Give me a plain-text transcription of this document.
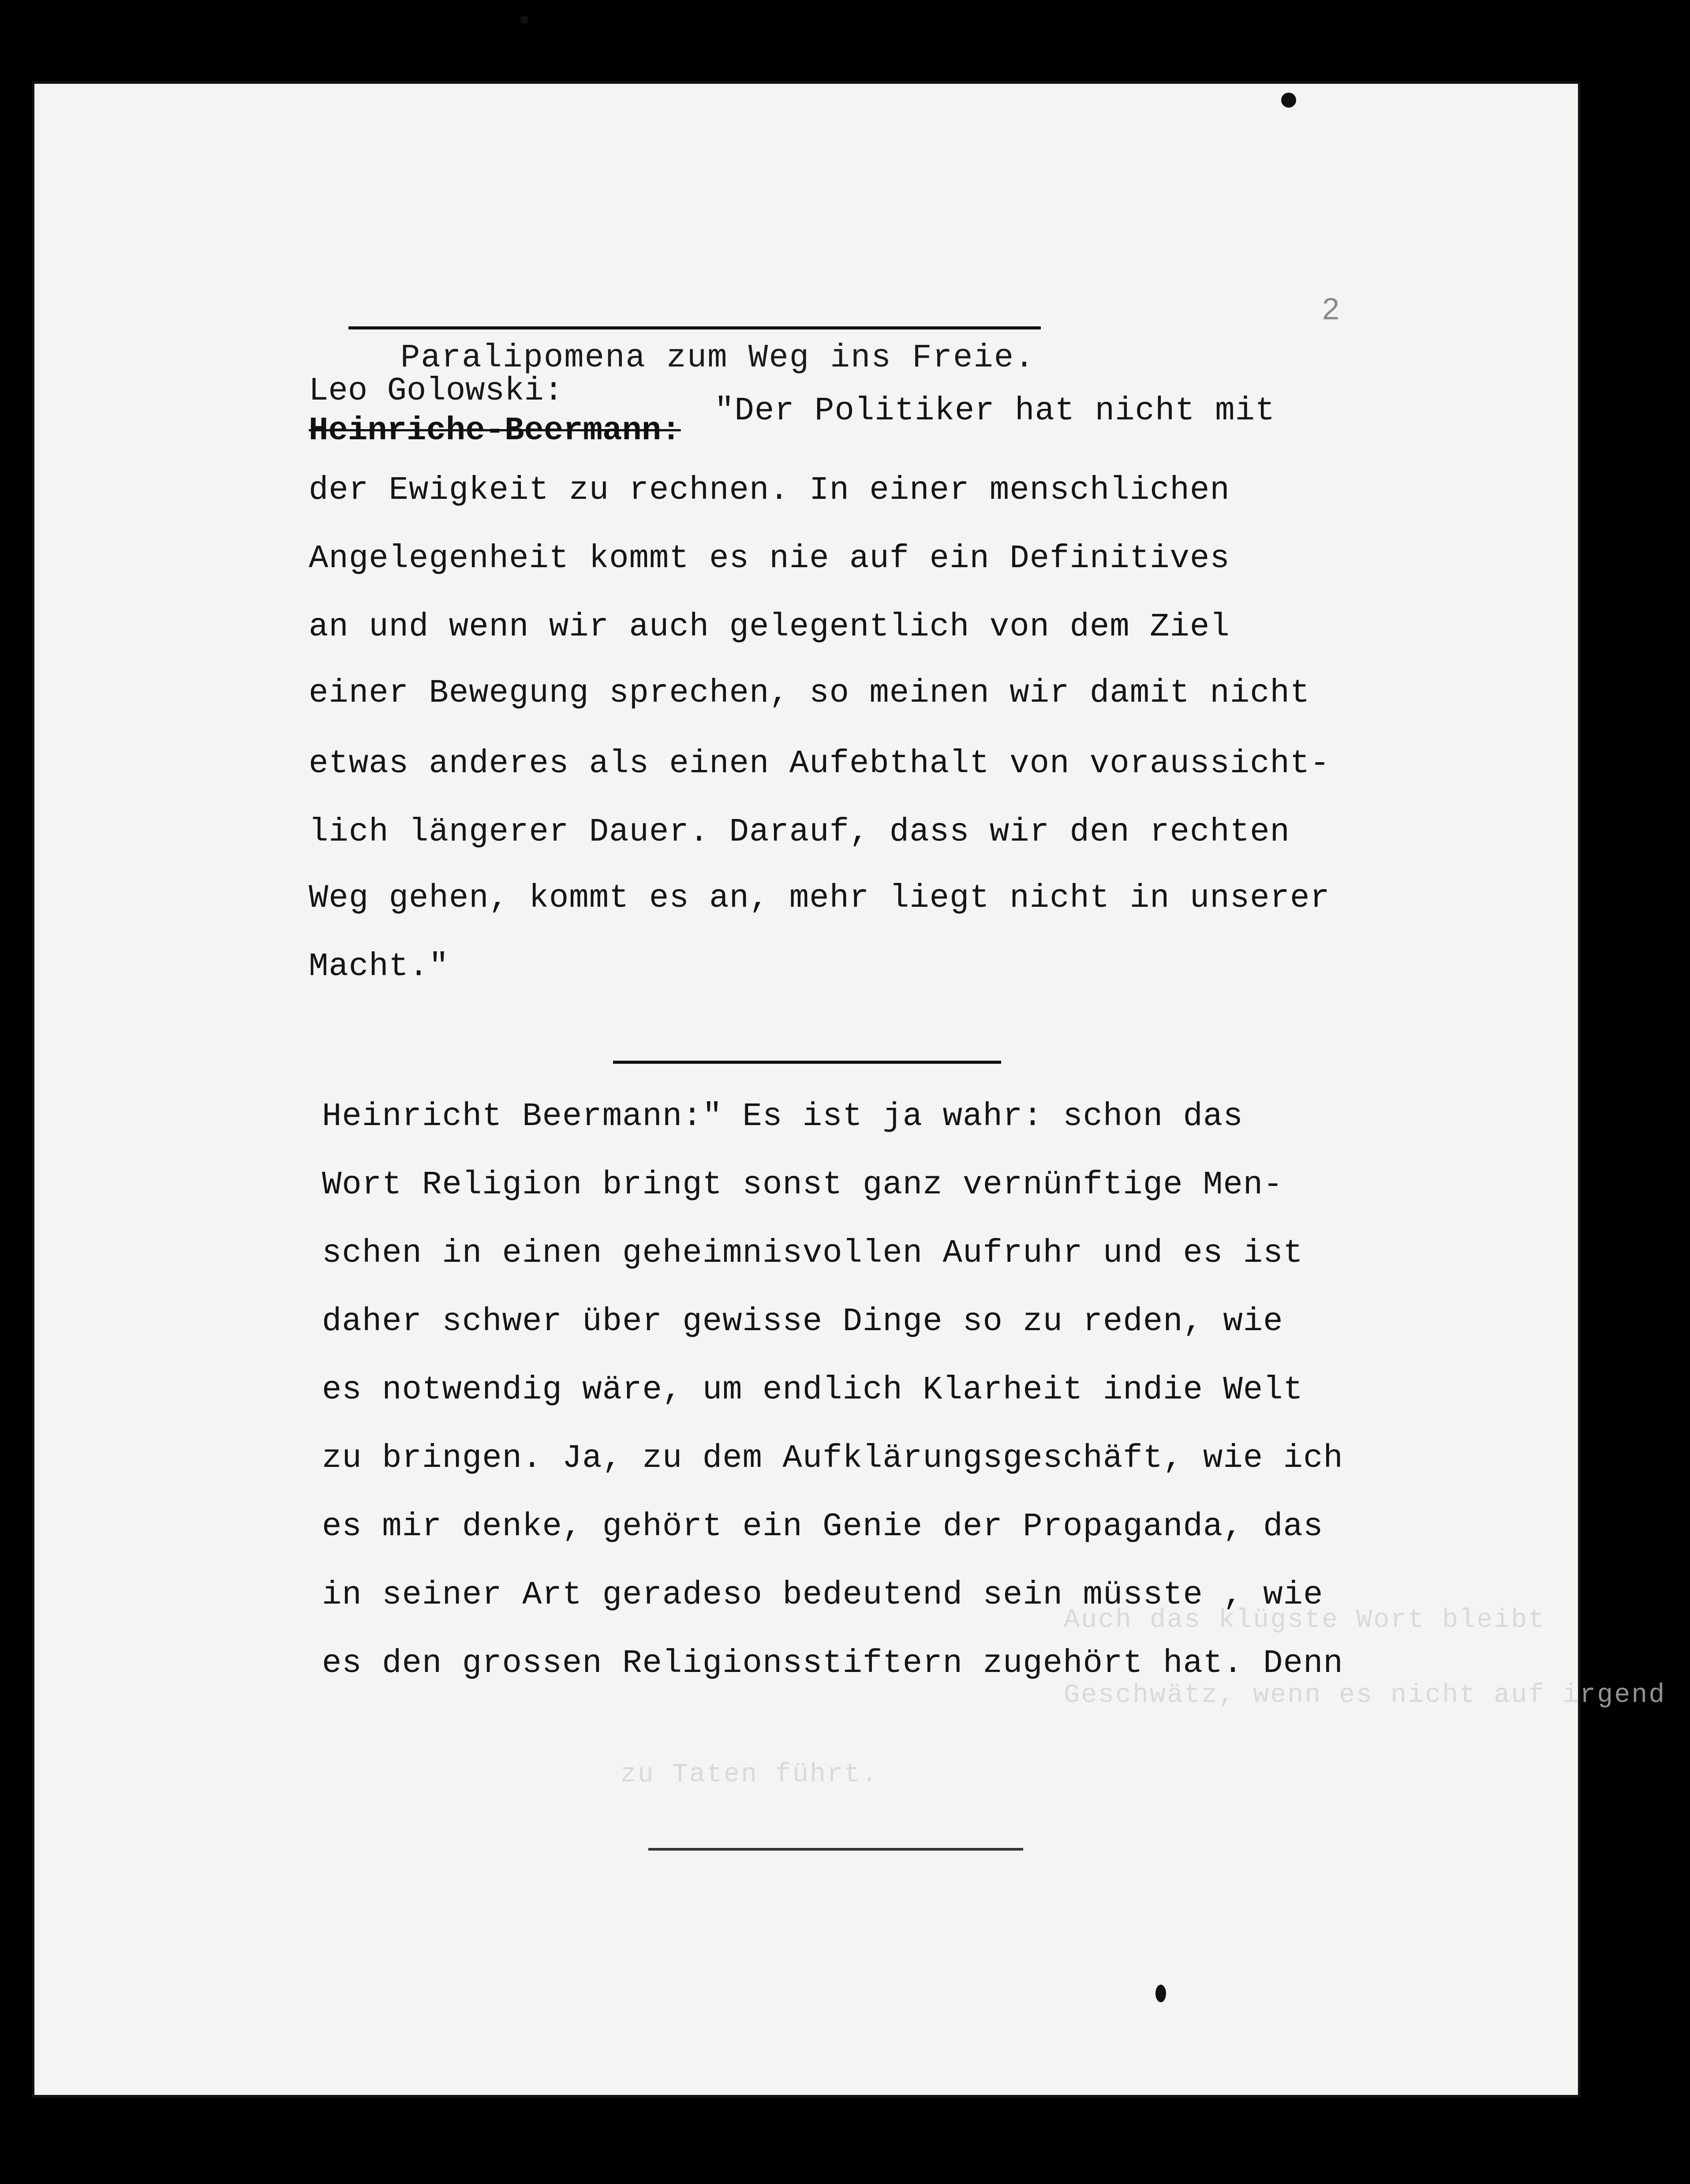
2
Paralipomena zum Weg ins Freie.
Leo Golowski:
Heinriche-Beermann:
"Der Politiker hat nicht mit
der Ewigkeit zu rechnen. In einer menschlichen
Angelegenheit kommt es nie auf ein Definitives
an und wenn wir auch gelegentlich von dem Ziel
einer Bewegung sprechen, so meinen wir damit nicht
etwas anderes als einen Aufebthalt von voraussicht-
lich längerer Dauer. Darauf, dass wir den rechten
Weg gehen, kommt es an, mehr liegt nicht in unserer
Macht."
Heinricht Beermann:" Es ist ja wahr: schon das
Wort Religion bringt sonst ganz vernünftige Men-
schen in einen geheimnisvollen Aufruhr und es ist
daher schwer über gewisse Dinge so zu reden, wie
es notwendig wäre, um endlich Klarheit indie Welt
zu bringen. Ja, zu dem Aufklärungsgeschäft, wie ich
es mir denke, gehört ein Genie der Propaganda, das
in seiner Art geradeso bedeutend sein müsste , wie
es den grossen Religionsstiftern zugehört hat. Denn
Auch das klügste Wort bleibt
Geschwätz, wenn es nicht auf irgend
zu Taten führt.
